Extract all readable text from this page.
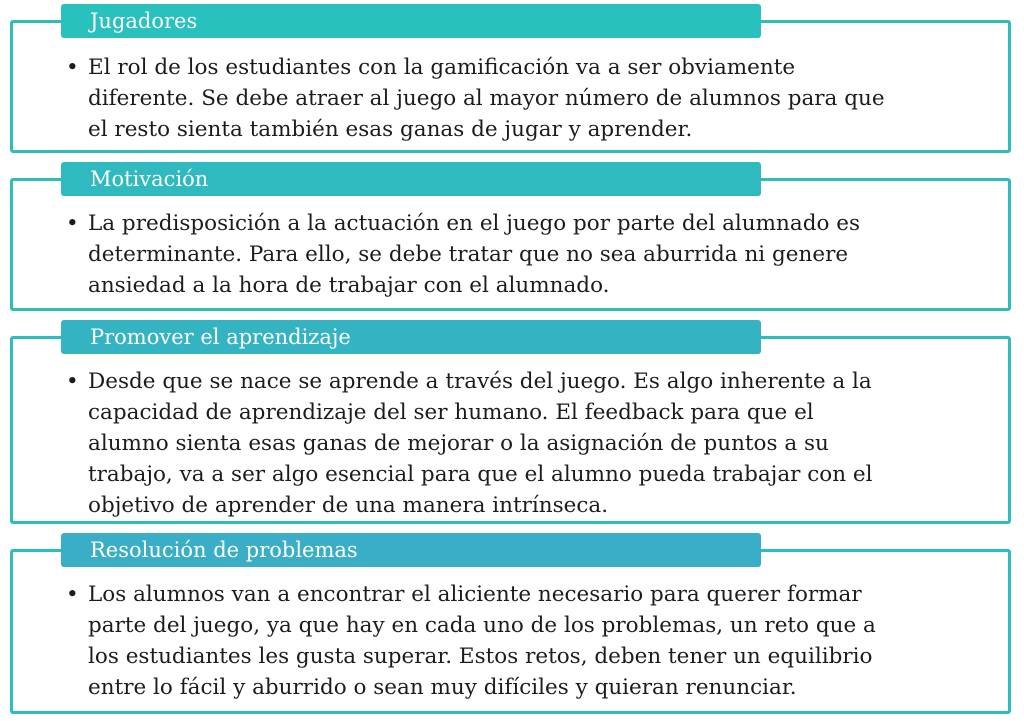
Jugadores
• El rol de los estudiantes con la gamificación va a ser obviamente
diferente. Se debe atraer al juego al mayor número de alumnos para que
el resto sienta también esas ganas de jugar y aprender.
Motivación
• La predisposición a la actuación en el juego por parte del alumnado es
determinante. Para ello, se debe tratar que no sea aburrida ni genere
ansiedad a la hora de trabajar con el alumnado.
Promover el aprendizaje
• Desde que se nace se aprende a través del juego. Es algo inherente a la
capacidad de aprendizaje del ser humano. El feedback para que el
alumno sienta esas ganas de mejorar o la asignación de puntos a su
trabajo, va a ser algo esencial para que el alumno pueda trabajar con el
objetivo de aprender de una manera intrínseca.
Resolución de problemas
• Los alumnos van a encontrar el aliciente necesario para querer formar
parte del juego, ya que hay en cada uno de los problemas, un reto que a
los estudiantes les gusta superar. Estos retos, deben tener un equilibrio
entre lo fácil y aburrido o sean muy difíciles y quieran renunciar.
